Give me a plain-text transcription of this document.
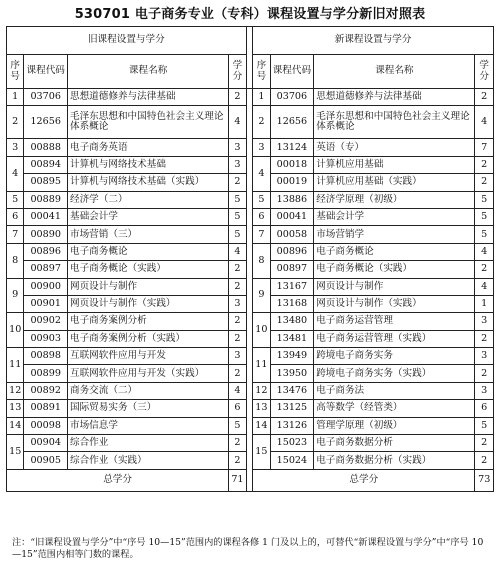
530701 电子商务专业（专科）课程设置与学分新旧对照表
旧课程设置与学分					新课程设置与学分			
序号	课程代码	课程名称	学分		序号	课程代码	课程名称	学分
1	03706	思想道德修养与法律基础	2		1	03706	思想道德修养与法律基础	2
2	12656	毛泽东思想和中国特色社会主义理论体系概论	4		2	12656	毛泽东思想和中国特色社会主义理论体系概论	4
3	00888	电子商务英语	3		3	13124	英语（专）	7
4	00894	计算机与网络技术基础	3		4	00018	计算机应用基础	2
	00895	计算机与网络技术基础（实践）	2			00019	计算机应用基础（实践）	2
5	00889	经济学（二）	5		5	13886	经济学原理（初级）	5
6	00041	基础会计学	5		6	00041	基础会计学	5
7	00890	市场营销（三）	5		7	00058	市场营销学	5
8	00896	电子商务概论	4		8	00896	电子商务概论	4
	00897	电子商务概论（实践）	2			00897	电子商务概论（实践）	2
9	00900	网页设计与制作	2		9	13167	网页设计与制作	4
	00901	网页设计与制作（实践）	3			13168	网页设计与制作（实践）	1
10	00902	电子商务案例分析	2		10	13480	电子商务运营管理	3
	00903	电子商务案例分析（实践）	2			13481	电子商务运营管理（实践）	2
11	00898	互联网软件应用与开发	3		11	13949	跨境电子商务实务	3
	00899	互联网软件应用与开发（实践）	2			13950	跨境电子商务实务（实践）	2
12	00892	商务交流（二）	4		12	13476	电子商务法	3
13	00891	国际贸易实务（三）	6		13	13125	高等数学（经管类）	6
14	00098	市场信息学	5		14	13126	管理学原理（初级）	5
15	00904	综合作业	2		15	15023	电子商务数据分析	2
	00905	综合作业（实践）	2			15024	电子商务数据分析（实践）	2
总学分			71		总学分			73
注：“旧课程设置与学分”中“序号 10—15”范围内的课程各修 1 门及以上的，可替代“新课程设置与学分”中“序号 10—15”范围内相等门数的课程。
